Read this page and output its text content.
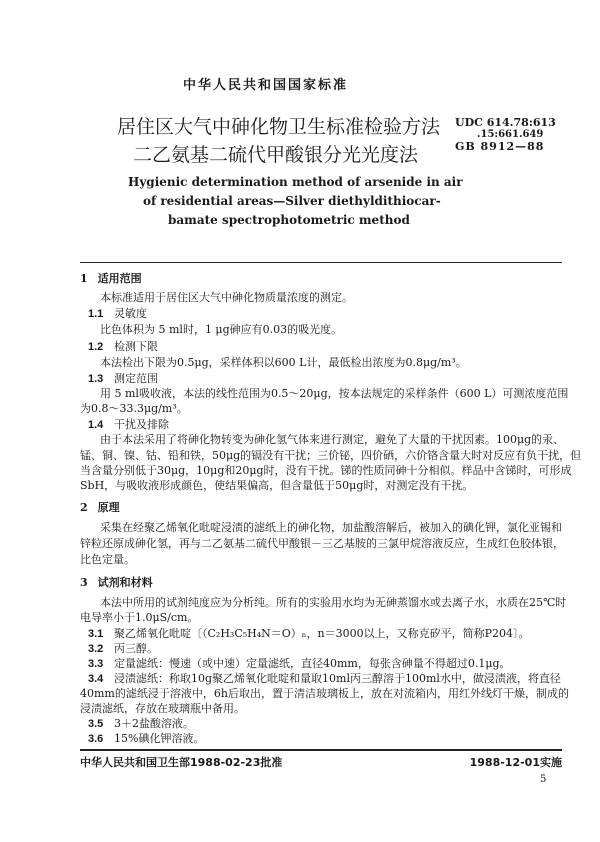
中华人民共和国国家标准
UDC 614.78:613
.15:661.649
GB 8912—88
居住区大气中砷化物卫生标准检验方法
二乙氨基二硫代甲酸银分光光度法
Hygienic determination method of arsenide in air
of residential areas—Silver diethyldithiocar-
bamate spectrophotometric method
1 适用范围
本标准适用于居住区大气中砷化物质量浓度的测定。
1.1 灵敏度
比色体积为 5 ml时，1 μg砷应有0.03的吸光度。
1.2 检测下限
本法检出下限为0.5μg，采样体积以600 L计，最低检出浓度为0.8μg/m³。
1.3 测定范围
用 5 ml吸收液，本法的线性范围为0.5～20μg，按本法规定的采样条件（600 L）可测浓度范围
为0.8～33.3μg/m³。
1.4 干扰及排除
由于本法采用了将砷化物转变为砷化氢气体来进行测定，避免了大量的干扰因素。100μg的汞、
锰、铜、镍、钴、铅和铁，50μg的镉没有干扰；三价铋，四价硒，六价铬含量大时对反应有负干扰，但
当含量分别低于30μg，10μg和20μg时，没有干扰。锑的性质同砷十分相似。样品中含锑时，可形成
SbH，与吸收液形成颜色，使结果偏高，但含量低于50μg时，对测定没有干扰。
2 原理
采集在经聚乙烯氧化吡啶浸渍的滤纸上的砷化物，加盐酸溶解后，被加入的碘化钾，氯化亚锡和
锌粒还原成砷化氢，再与二乙氨基二硫代甲酸银－三乙基胺的三氯甲烷溶液反应，生成红色胶体银，
比色定量。
3 试剂和材料
本法中所用的试剂纯度应为分析纯。所有的实验用水均为无砷蒸馏水或去离子水，水质在25℃时
电导率小于1.0μS/cm。
3.1 聚乙烯氧化吡啶〔（C₂H₃C₅H₄N＝O）ₙ，n＝3000以上，又称克矽平，简称P204〕。
3.2 丙三醇。
3.3 定量滤纸：慢速（或中速）定量滤纸，直径40mm，每张含砷量不得超过0.1μg。
3.4 浸渍滤纸：称取10g聚乙烯氧化吡啶和量取10ml丙三醇溶于100ml水中，做浸渍液，将直径
40mm的滤纸浸于溶液中，6h后取出，置于清洁玻璃板上，放在对流箱内，用红外线灯干燥，制成的
浸渍滤纸，存放在玻璃瓶中备用。
3.5 3＋2盐酸溶液。
3.6 15%碘化钾溶液。
中华人民共和国卫生部1988-02-23批准	1988-12-01实施
5
